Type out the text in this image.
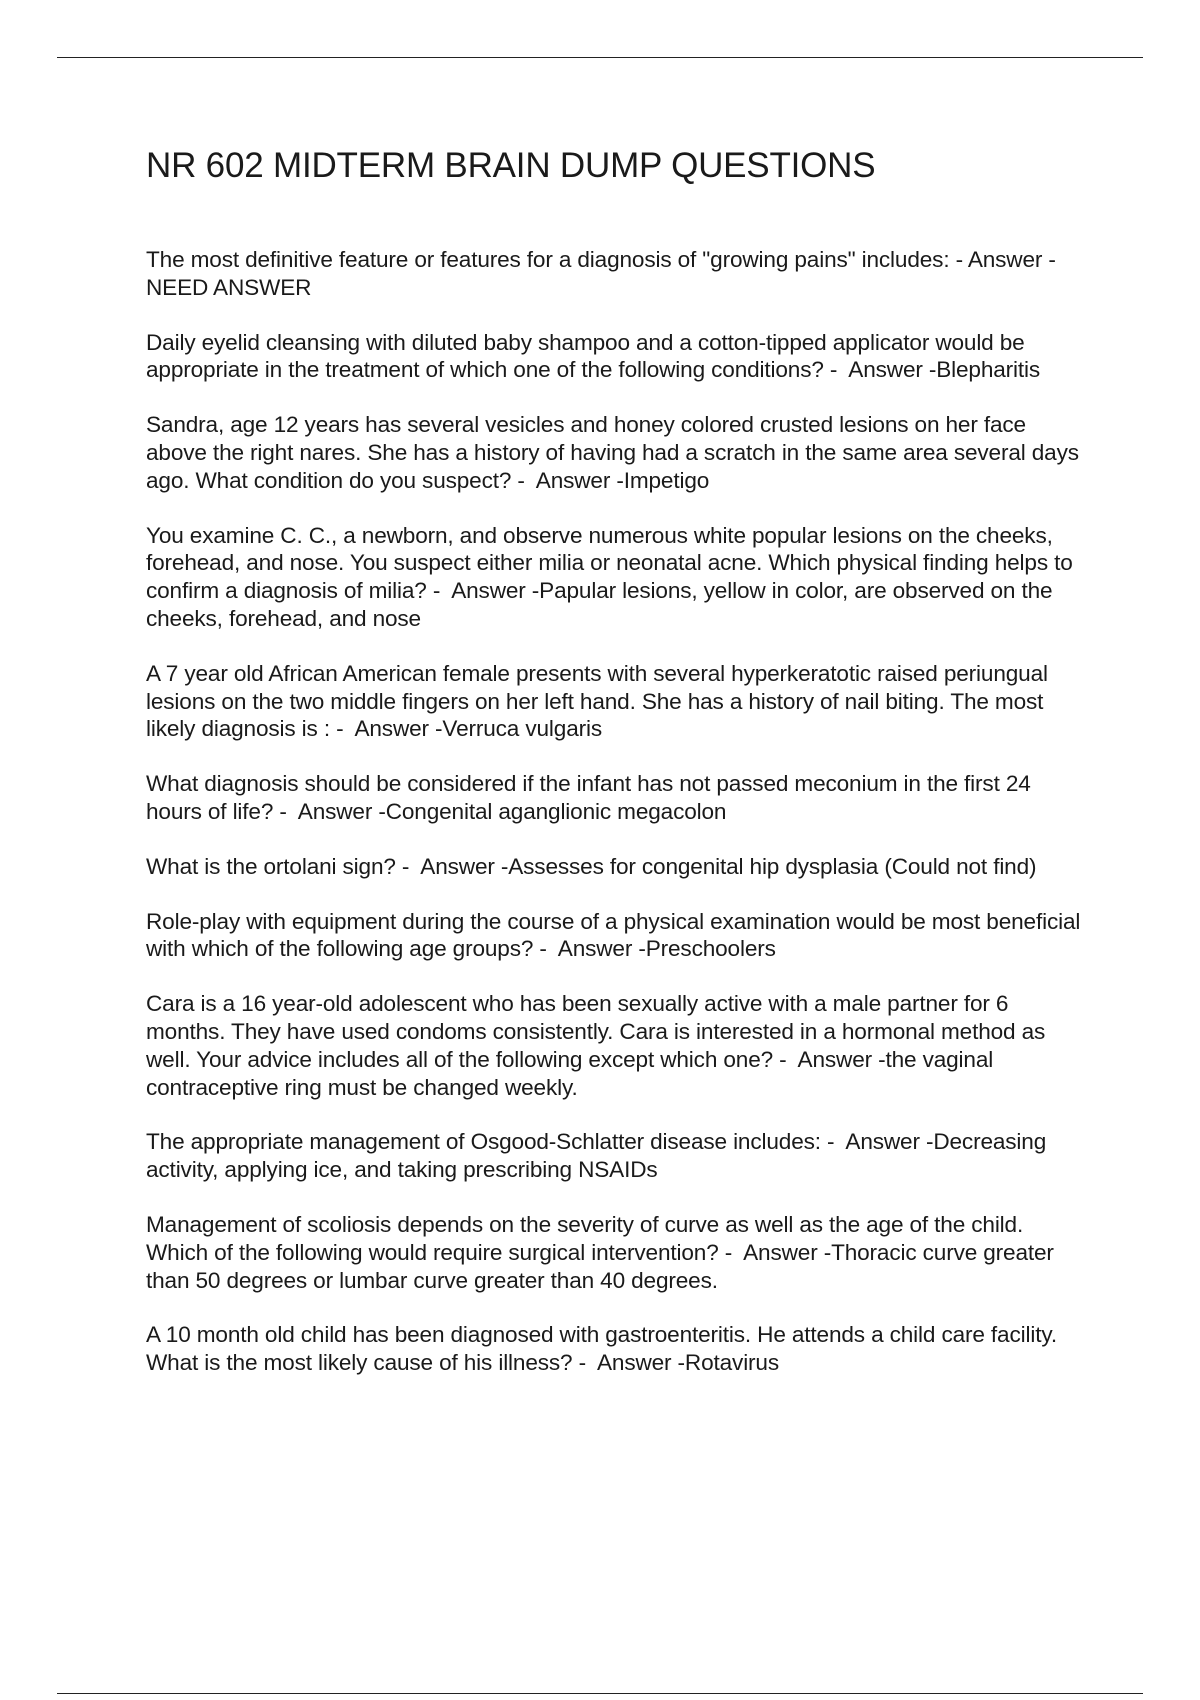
NR 602 MIDTERM BRAIN DUMP QUESTIONS
The most definitive feature or features for a diagnosis of "growing pains" includes: - Answer -NEED ANSWER
Daily eyelid cleansing with diluted baby shampoo and a cotton-tipped applicator would be appropriate in the treatment of which one of the following conditions? -  Answer -Blepharitis
Sandra, age 12 years has several vesicles and honey colored crusted lesions on her face above the right nares. She has a history of having had a scratch in the same area several days ago. What condition do you suspect? -  Answer -Impetigo
You examine C. C., a newborn, and observe numerous white popular lesions on the cheeks, forehead, and nose. You suspect either milia or neonatal acne. Which physical finding helps to confirm a diagnosis of milia? -  Answer -Papular lesions, yellow in color, are observed on the cheeks, forehead, and nose
A 7 year old African American female presents with several hyperkeratotic raised periungual lesions on the two middle fingers on her left hand. She has a history of nail biting. The most likely diagnosis is : -  Answer -Verruca vulgaris
What diagnosis should be considered if the infant has not passed meconium in the first 24 hours of life? -  Answer -Congenital aganglionic megacolon
What is the ortolani sign? -  Answer -Assesses for congenital hip dysplasia (Could not find)
Role-play with equipment during the course of a physical examination would be most beneficial with which of the following age groups? -  Answer -Preschoolers
Cara is a 16 year-old adolescent who has been sexually active with a male partner for 6 months. They have used condoms consistently. Cara is interested in a hormonal method as well. Your advice includes all of the following except which one? -  Answer -the vaginal contraceptive ring must be changed weekly.
The appropriate management of Osgood-Schlatter disease includes: -  Answer -Decreasing activity, applying ice, and taking prescribing NSAIDs
Management of scoliosis depends on the severity of curve as well as the age of the child. Which of the following would require surgical intervention? -  Answer -Thoracic curve greater than 50 degrees or lumbar curve greater than 40 degrees.
A 10 month old child has been diagnosed with gastroenteritis. He attends a child care facility. What is the most likely cause of his illness? -  Answer -Rotavirus
